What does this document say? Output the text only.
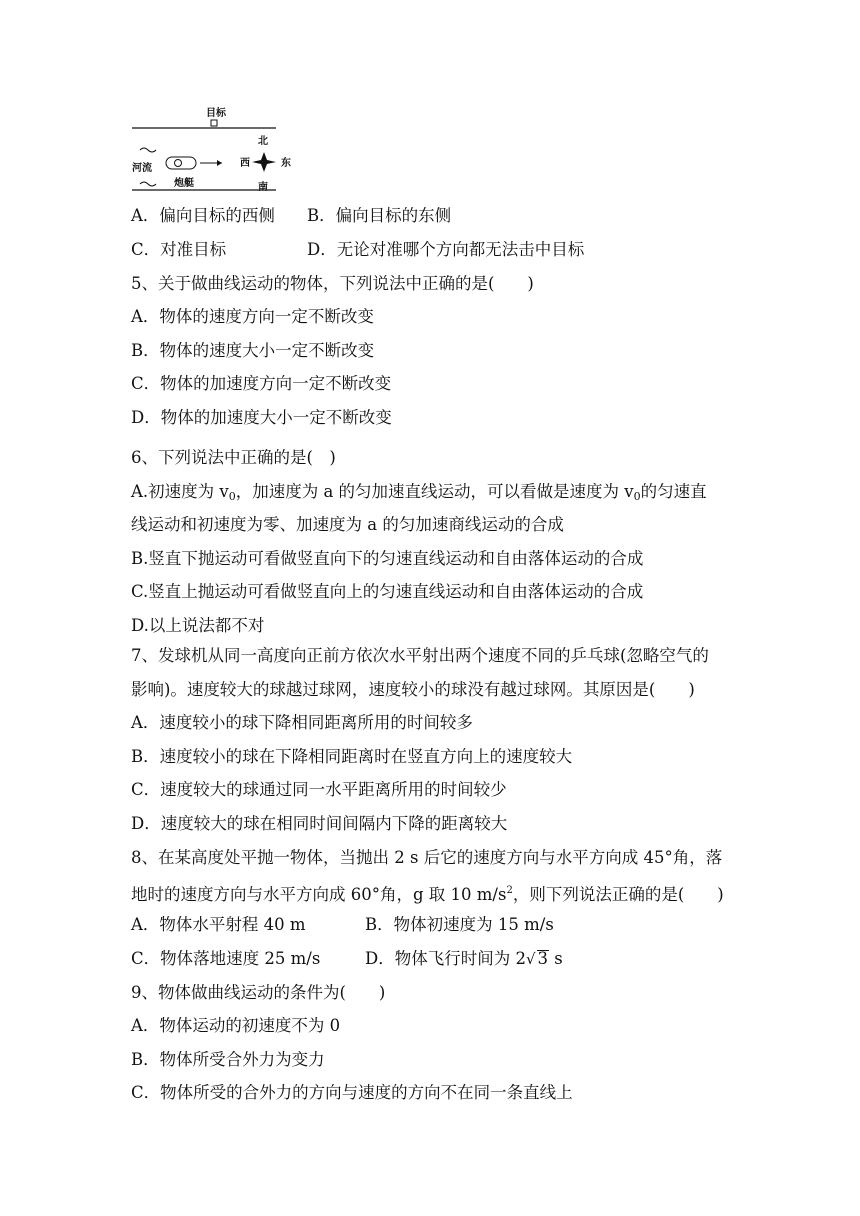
目标
河流
炮艇
北
西	东
南
A．偏向目标的西侧 B．偏向目标的东侧
C．对准目标	D．无论对准哪个方向都无法击中目标
5、关于做曲线运动的物体，下列说法中正确的是(　　)
A．物体的速度方向一定不断改变
B．物体的速度大小一定不断改变
C．物体的加速度方向一定不断改变
D．物体的加速度大小一定不断改变
6、下列说法中正确的是(　)
A.初速度为 $v_0$，加速度为 a 的匀加速直线运动，可以看做是速度为 $v_0$的匀速直
线运动和初速度为零、加速度为 a 的匀加速商线运动的合成
B.竖直下抛运动可看做竖直向下的匀速直线运动和自由落体运动的合成
C.竖直上抛运动可看做竖直向上的匀速直线运动和自由落体运动的合成
D.以上说法都不对
7、发球机从同一高度向正前方依次水平射出两个速度不同的乒乓球(忽略空气的
影响)。速度较大的球越过球网，速度较小的球没有越过球网。其原因是(　　)
A．速度较小的球下降相同距离所用的时间较多
B．速度较小的球在下降相同距离时在竖直方向上的速度较大
C．速度较大的球通过同一水平距离所用的时间较少
D．速度较大的球在相同时间间隔内下降的距离较大
8、在某高度处平抛一物体，当抛出 2 s 后它的速度方向与水平方向成 45°角，落
地时的速度方向与水平方向成 60°角，g 取 10 $m/s^2$，则下列说法正确的是(　　)
A．物体水平射程 40 m	B．物体初速度为 15 m/s
C．物体落地速度 25 m/s	D．物体飞行时间为 2√ 3 s
9、物体做曲线运动的条件为(　　)
A．物体运动的初速度不为 0
B．物体所受合外力为变力
C．物体所受的合外力的方向与速度的方向不在同一条直线上
